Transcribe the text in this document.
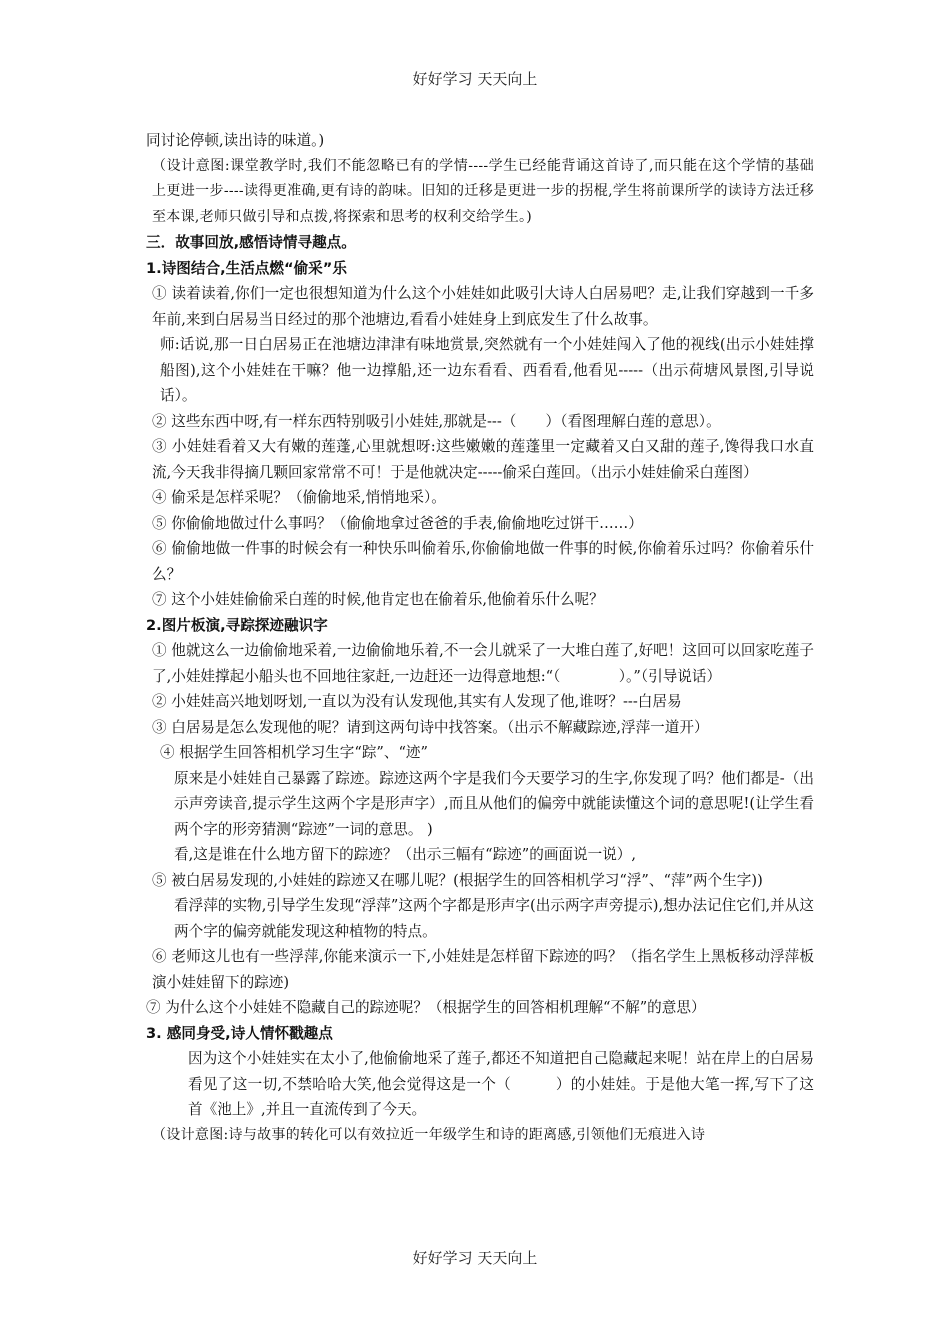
好好学习 天天向上

同讨论停顿,读出诗的味道。)

（设计意图:课堂教学时,我们不能忽略已有的学情----学生已经能背诵这首诗了,而只能在这个学情的基础上更进一步----读得更准确,更有诗的韵味。旧知的迁移是更进一步的拐棍,学生将前课所学的读诗方法迁移至本课,老师只做引导和点拨,将探索和思考的权利交给学生。)

三．故事回放,感悟诗情寻趣点。

1.诗图结合,生活点燃“偷采”乐

① 读着读着,你们一定也很想知道为什么这个小娃娃如此吸引大诗人白居易吧？走,让我们穿越到一千多年前,来到白居易当日经过的那个池塘边,看看小娃娃身上到底发生了什么故事。

师:话说,那一日白居易正在池塘边津津有味地赏景,突然就有一个小娃娃闯入了他的视线(出示小娃娃撑船图),这个小娃娃在干嘛？他一边撑船,还一边东看看、西看看,他看见-----（出示荷塘风景图,引导说话）。

② 这些东西中呀,有一样东西特别吸引小娃娃,那就是---（　　）（看图理解白莲的意思）。

③ 小娃娃看着又大有嫩的莲蓬,心里就想呀:这些嫩嫩的莲蓬里一定藏着又白又甜的莲子,馋得我口水直流,今天我非得摘几颗回家常常不可！于是他就决定-----偷采白莲回。（出示小娃娃偷采白莲图）

④ 偷采是怎样采呢？（偷偷地采,悄悄地采）。

⑤ 你偷偷地做过什么事吗？（偷偷地拿过爸爸的手表,偷偷地吃过饼干……）

⑥ 偷偷地做一件事的时候会有一种快乐叫偷着乐,你偷偷地做一件事的时候,你偷着乐过吗？你偷着乐什么？

⑦ 这个小娃娃偷偷采白莲的时候,他肯定也在偷着乐,他偷着乐什么呢？

2.图片板演,寻踪探迹融识字

① 他就这么一边偷偷地采着,一边偷偷地乐着,不一会儿就采了一大堆白莲了,好吧！这回可以回家吃莲子了,小娃娃撑起小船头也不回地往家赶,一边赶还一边得意地想:“（　　　　）。”（引导说话）

② 小娃娃高兴地划呀划,一直以为没有认发现他,其实有人发现了他,谁呀？---白居易

③ 白居易是怎么发现他的呢？请到这两句诗中找答案。（出示不解藏踪迹,浮萍一道开）

④ 根据学生回答相机学习生字“踪”、“迹”

原来是小娃娃自己暴露了踪迹。踪迹这两个字是我们今天要学习的生字,你发现了吗？他们都是-（出示声旁读音,提示学生这两个字是形声字）,而且从他们的偏旁中就能读懂这个词的意思呢!(让学生看两个字的形旁猜测“踪迹”一词的意思。 )

看,这是谁在什么地方留下的踪迹？（出示三幅有“踪迹”的画面说一说）,

⑤ 被白居易发现的,小娃娃的踪迹又在哪儿呢？(根据学生的回答相机学习“浮”、“萍”两个生字))

看浮萍的实物,引导学生发现“浮萍”这两个字都是形声字(出示两字声旁提示),想办法记住它们,并从这两个字的偏旁就能发现这种植物的特点。

⑥ 老师这儿也有一些浮萍,你能来演示一下,小娃娃是怎样留下踪迹的吗？（指名学生上黑板移动浮萍板演小娃娃留下的踪迹)

⑦ 为什么这个小娃娃不隐藏自己的踪迹呢？（根据学生的回答相机理解“不解”的意思）

3. 感同身受,诗人情怀戳趣点

因为这个小娃娃实在太小了,他偷偷地采了莲子,都还不知道把自己隐藏起来呢！站在岸上的白居易看见了这一切,不禁哈哈大笑,他会觉得这是一个（　　　）的小娃娃。于是他大笔一挥,写下了这首《池上》,并且一直流传到了今天。

（设计意图:诗与故事的转化可以有效拉近一年级学生和诗的距离感,引领他们无痕进入诗

好好学习 天天向上
